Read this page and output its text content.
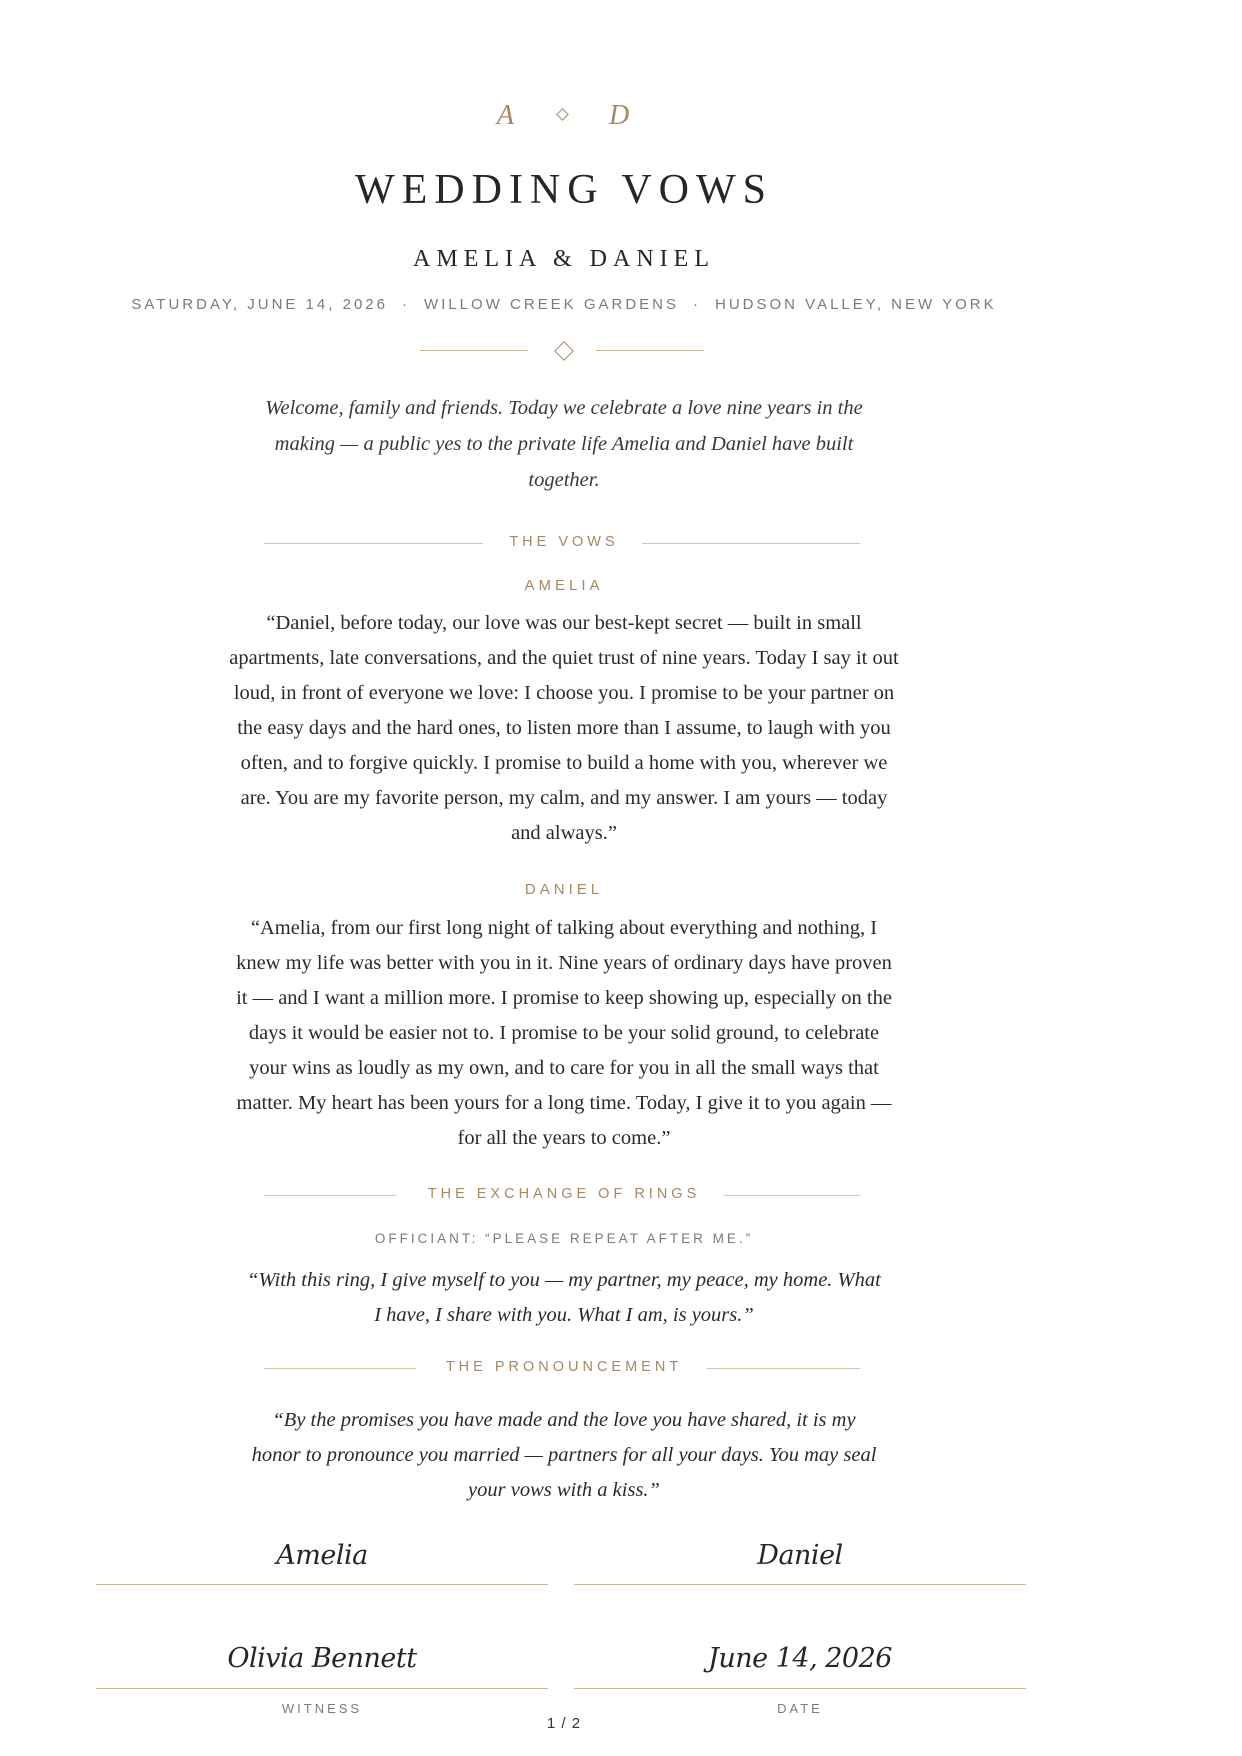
A	D
WEDDING VOWS
AMELIA & DANIEL
SATURDAY, JUNE 14, 2026 · WILLOW CREEK GARDENS · HUDSON VALLEY, NEW YORK
Welcome, family and friends. Today we celebrate a love nine years in the making — a public yes to the private life Amelia and Daniel have built together.
THE VOWS
AMELIA
“Daniel, before today, our love was our best-kept secret — built in small apartments, late conversations, and the quiet trust of nine years. Today I say it out loud, in front of everyone we love: I choose you. I promise to be your partner on the easy days and the hard ones, to listen more than I assume, to laugh with you often, and to forgive quickly. I promise to build a home with you, wherever we are. You are my favorite person, my calm, and my answer. I am yours — today and always.”
DANIEL
“Amelia, from our first long night of talking about everything and nothing, I knew my life was better with you in it. Nine years of ordinary days have proven it — and I want a million more. I promise to keep showing up, especially on the days it would be easier not to. I promise to be your solid ground, to celebrate your wins as loudly as my own, and to care for you in all the small ways that matter. My heart has been yours for a long time. Today, I give it to you again — for all the years to come.”
THE EXCHANGE OF RINGS
OFFICIANT: “PLEASE REPEAT AFTER ME.”
“With this ring, I give myself to you — my partner, my peace, my home. What I have, I share with you. What I am, is yours.”
THE PRONOUNCEMENT
“By the promises you have made and the love you have shared, it is my honor to pronounce you married — partners for all your days. You may seal your vows with a kiss.”
Amelia	Daniel
Olivia Bennett
WITNESS
June 14, 2026
DATE
1 / 2
